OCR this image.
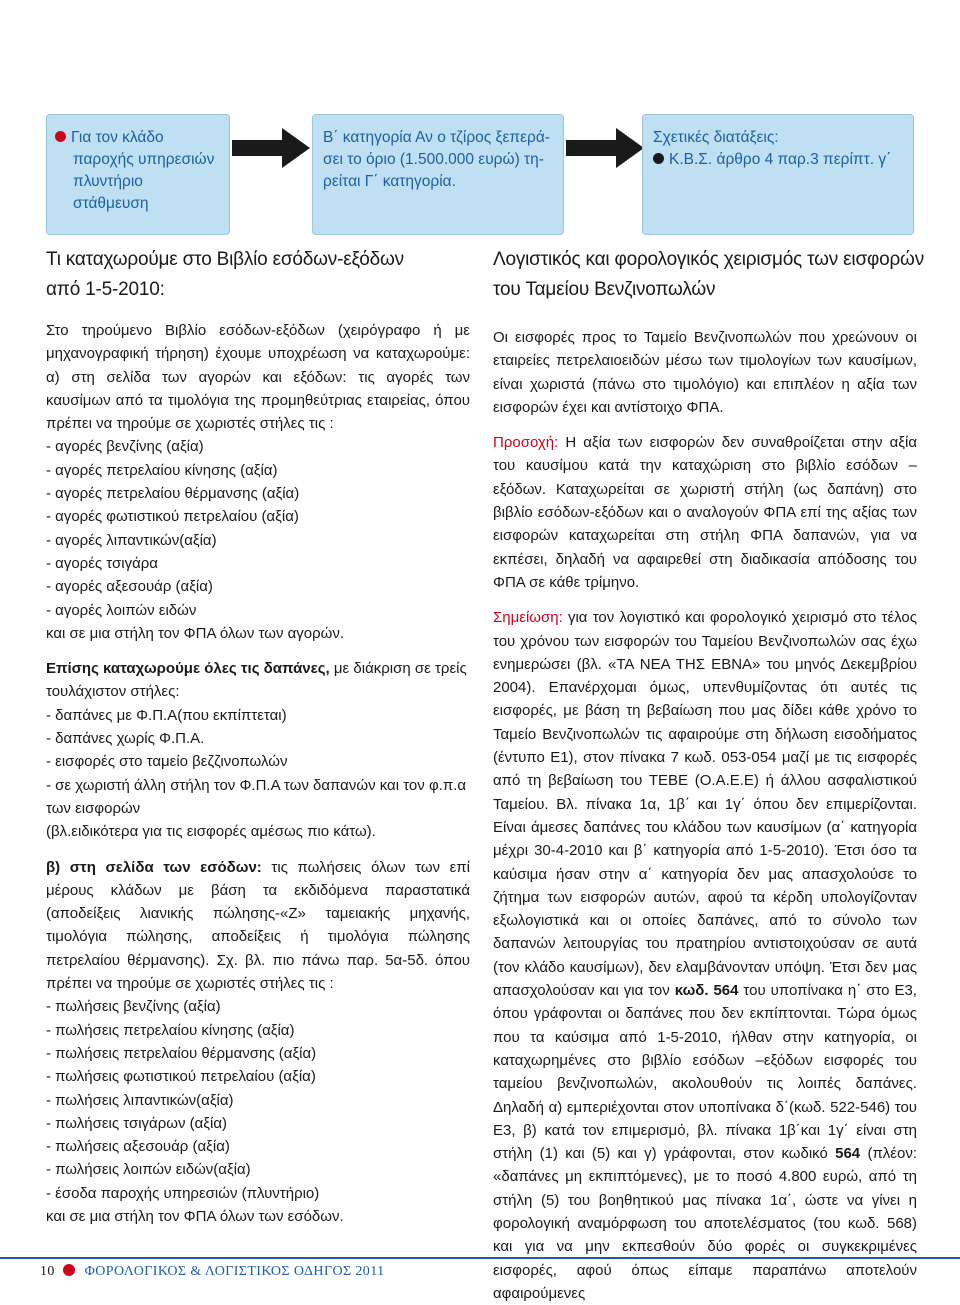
Για τον κλάδο
παροχής υπηρεσιών
πλυντήριο
στάθμευση
Β΄ κατηγορία Αν ο τζίρος ξεπερά-
σει το όριο (1.500.000 ευρώ) τη-
ρείται Γ΄ κατηγορία.
Σχετικές διατάξεις:
Κ.Β.Σ. άρθρο 4 παρ.3 περίπτ. γ΄
Τι καταχωρούμε στο Βιβλίο εσόδων-εξόδων
από 1-5-2010:
Λογιστικός και φορολογικός χειρισμός των εισφορών
του Ταμείου Βενζινοπωλών

Στο τηρούμενο Βιβλίο εσόδων-εξόδων (χειρόγραφο ή με μηχανογραφική τήρηση) έχουμε υποχρέωση να καταχωρούμε: α) στη σελίδα των αγορών και εξόδων: τις αγορές των καυσίμων από τα τιμολόγια της προμηθεύτριας εταιρείας, όπου πρέπει να τηρούμε σε χωριστές στήλες τις :

- αγορές βενζίνης (αξία)

- αγορές πετρελαίου κίνησης (αξία)

- αγορές πετρελαίου θέρμανσης (αξία)

- αγορές φωτιστικού πετρελαίου (αξία)

- αγορές λιπαντικών(αξία)

- αγορές τσιγάρα

- αγορές αξεσουάρ (αξία)

- αγορές λοιπών ειδών

και σε μια στήλη τον ΦΠΑ όλων των αγορών.

Επίσης καταχωρούμε όλες τις δαπάνες, με διάκριση σε τρείς τουλάχιστον στήλες:

- δαπάνες με Φ.Π.Α(που εκπίπτεται)

- δαπάνες χωρίς Φ.Π.Α.

- εισφορές στο ταμείο βεζζινοπωλών

- σε χωριστή άλλη στήλη τον Φ.Π.Α των δαπανών και τον φ.π.α των εισφορών

(βλ.ειδικότερα για τις εισφορές αμέσως πιο κάτω).

β) στη σελίδα των εσόδων: τις πωλήσεις όλων των επί μέρους κλάδων με βάση τα εκδιδόμενα παραστατικά (αποδείξεις λιανικής πώλησης-«Ζ» ταμειακής μηχανής, τιμολόγια πώλησης, αποδείξεις ή τιμολόγια πώλησης πετρελαίου θέρμανσης). Σχ. βλ. πιο πάνω παρ. 5α-5δ. όπου πρέπει να τηρούμε σε χωριστές στήλες τις :

- πωλήσεις βενζίνης (αξία)

- πωλήσεις πετρελαίου κίνησης (αξία)

- πωλήσεις πετρελαίου θέρμανσης (αξία)

- πωλήσεις φωτιστικού πετρελαίου (αξία)

- πωλήσεις λιπαντικών(αξία)

- πωλήσεις τσιγάρων (αξία)

- πωλήσεις αξεσουάρ (αξία)

- πωλήσεις λοιπών ειδών(αξία)

- έσοδα παροχής υπηρεσιών (πλυντήριο)

και σε μια στήλη τον ΦΠΑ όλων των εσόδων.

Οι εισφορές προς το Ταμείο Βενζινοπωλών που χρεώνουν οι εταιρείες πετρελαιοειδών μέσω των τιμολογίων των καυσίμων, είναι χωριστά (πάνω στο τιμολόγιο) και επιπλέον η αξία των εισφορών έχει και αντίστοιχο ΦΠΑ.

Προσοχή: Η αξία των εισφορών δεν συναθροίζεται στην αξία του καυσίμου κατά την καταχώριση στο βιβλίο εσόδων –εξόδων. Καταχωρείται σε χωριστή στήλη (ως δαπάνη) στο βιβλίο εσόδων-εξόδων και ο αναλογούν ΦΠΑ επί της αξίας των εισφορών καταχωρείται στη στήλη ΦΠΑ δαπανών, για να εκπέσει, δηλαδή να αφαιρεθεί στη διαδικασία απόδοσης του ΦΠΑ σε κάθε τρίμηνο.

Σημείωση: για τον λογιστικό και φορολογικό χειρισμό στο τέλος του χρόνου των εισφορών του Ταμείου Βενζινοπωλών σας έχω ενημερώσει (βλ. «ΤΑ ΝΕΑ ΤΗΣ ΕΒΝΑ» του μηνός Δεκεμβρίου 2004). Επανέρχομαι όμως, υπενθυμίζοντας ότι αυτές τις εισφορές, με βάση τη βεβαίωση που μας δίδει κάθε χρόνο το Ταμείο Βενζινοπωλών τις αφαιρούμε στη δήλωση εισοδήματος (έντυπο Ε1), στον πίνακα 7 κωδ. 053-054 μαζί με τις εισφορές από τη βεβαίωση του ΤΕΒΕ (Ο.Α.Ε.Ε) ή άλλου ασφαλιστικού Ταμείου. Βλ. πίνακα 1α, 1β΄ και 1γ΄ όπου δεν επιμερίζονται. Είναι άμεσες δαπάνες του κλάδου των καυσίμων (α΄ κατηγορία μέχρι 30-4-2010 και β΄ κατηγορία από 1-5-2010). Έτσι όσο τα καύσιμα ήσαν στην α΄ κατηγορία δεν μας απασχολούσε το ζήτημα των εισφορών αυτών, αφού τα κέρδη υπολογίζονταν εξωλογιστικά και οι οποίες δαπάνες, από το σύνολο των δαπανών λειτουργίας του πρατηρίου αντιστοιχούσαν σε αυτά (τον κλάδο καυσίμων), δεν ελαμβάνονταν υπόψη. Έτσι δεν μας απασχολούσαν και για τον κωδ. 564 του υποπίνακα η΄ στο Ε3, όπου γράφονται οι δαπάνες που δεν εκπίπτονται. Τώρα όμως που τα καύσιμα από 1-5-2010, ήλθαν στην κατηγορία, οι καταχωρημένες στο βιβλίο εσόδων –εξόδων εισφορές του ταμείου βενζινοπωλών, ακολουθούν τις λοιπές δαπάνες. Δηλαδή α) εμπεριέχονται στον υποπίνακα δ΄(κωδ. 522-546) του Ε3, β) κατά τον επιμερισμό, βλ. πίνακα 1β΄και 1γ΄ είναι στη στήλη (1) και (5) και γ) γράφονται, στον κωδικό 564 (πλέον: «δαπάνες μη εκπιπτόμενες), με το ποσό 4.800 ευρώ, από τη στήλη (5) του βοηθητικού μας πίνακα 1α΄, ώστε να γίνει η φορολογική αναμόρφωση του αποτελέσματος (του κωδ. 568) και για να μην εκπεσθούν δύο φορές οι συγκεκριμένες εισφορές, αφού όπως είπαμε παραπάνω αποτελούν αφαιρούμενες

10 ΦΟΡΟΛΟΓΙΚΟΣ & ΛΟΓΙΣΤΙΚΟΣ ΟΔΗΓΟΣ 2011
